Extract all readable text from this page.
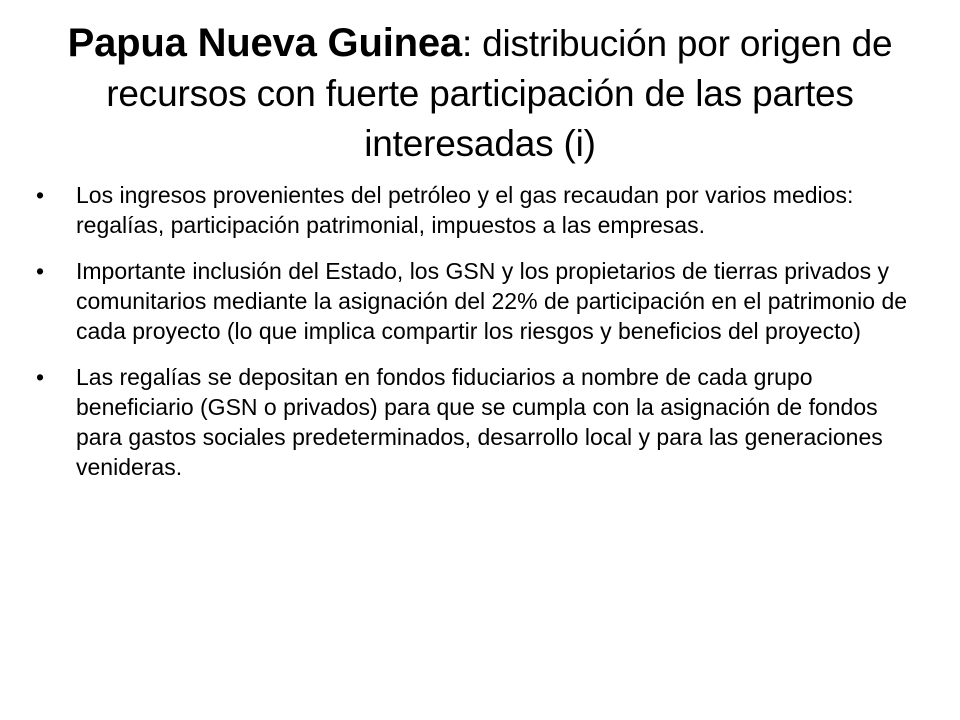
Papua Nueva Guinea: distribución por origen de recursos con fuerte participación de las partes interesadas (i)
•	Los ingresos provenientes del petróleo y el gas recaudan por varios medios: regalías, participación patrimonial, impuestos a las empresas.
•	Importante inclusión del Estado, los GSN y los propietarios de tierras privados y comunitarios mediante la asignación del 22% de participación en el patrimonio de cada proyecto (lo que implica compartir los riesgos y beneficios del proyecto)
•	Las regalías se depositan en fondos fiduciarios a nombre de cada grupo beneficiario (GSN o privados) para que se cumpla con la asignación de fondos para gastos sociales predeterminados, desarrollo local y para las generaciones venideras.
